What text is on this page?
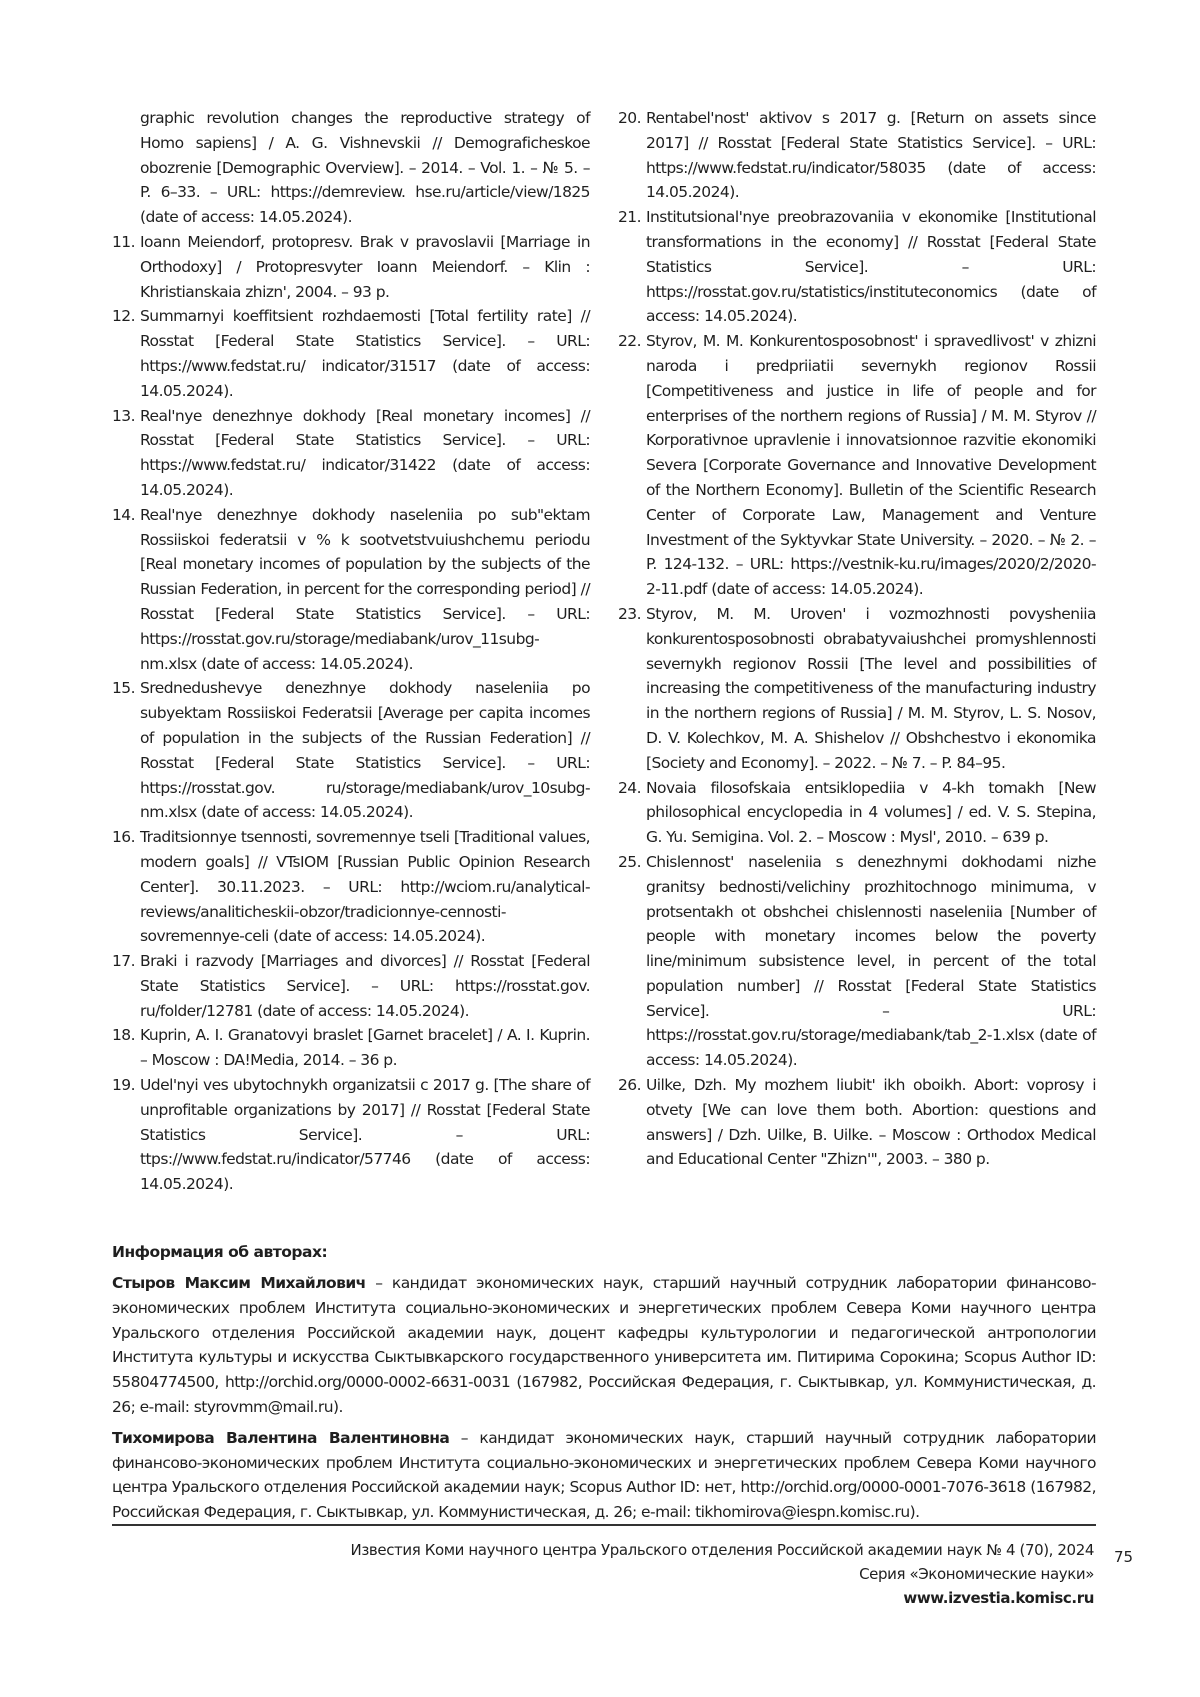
graphic revolution changes the reproductive strategy of Homo sapiens] / A. G. Vishnevskii // Demograficheskoe obozrenie [Demographic Overview]. – 2014. – Vol. 1. – № 5. – P. 6–33. – URL: https://demreview. hse.ru/article/view/1825 (date of access: 14.05.2024).
11. Ioann Meiendorf, protopresv. Brak v pravoslavii [Marriage in Orthodoxy] / Protopresvyter Ioann Meiendorf. – Klin : Khristianskaia zhizn', 2004. – 93 p.
12. Summarnyi koeffitsient rozhdaemosti [Total fertility rate] // Rosstat [Federal State Statistics Service]. – URL: https://www.fedstat.ru/ indicator/31517 (date of access: 14.05.2024).
13. Real'nye denezhnye dokhody [Real monetary incomes] // Rosstat [Federal State Statistics Service]. – URL: https://www.fedstat.ru/ indicator/31422 (date of access: 14.05.2024).
14. Real'nye denezhnye dokhody naseleniia po sub"ektam Rossiiskoi federatsii v % k sootvetstvuiushchemu periodu [Real monetary incomes of population by the subjects of the Russian Federation, in percent for the corresponding period] // Rosstat [Federal State Statistics Service]. – URL: https://rosstat.gov.ru/storage/mediabank/urov_11subg-nm.xlsx (date of access: 14.05.2024).
15. Srednedushevye denezhnye dokhody naseleniia po subyektam Rossiiskoi Federatsii [Average per capita incomes of population in the subjects of the Russian Federation] // Rosstat [Federal State Statistics Service]. – URL: https://rosstat.gov. ru/storage/mediabank/urov_10subg-nm.xlsx (date of access: 14.05.2024).
16. Traditsionnye tsennosti, sovremennye tseli [Traditional values, modern goals] // VTsIOM [Russian Public Opinion Research Center]. 30.11.2023. – URL: http://wciom.ru/analytical-reviews/analiticheskii-obzor/tradicionnye-cennosti-sovremennye-celi (date of access: 14.05.2024).
17. Braki i razvody [Marriages and divorces] // Rosstat [Federal State Statistics Service]. – URL: https://rosstat.gov. ru/folder/12781 (date of access: 14.05.2024).
18. Kuprin, A. I. Granatovyi braslet [Garnet bracelet] / A. I. Kuprin. – Moscow : DA!Media, 2014. – 36 p.
19. Udel'nyi ves ubytochnykh organizatsii c 2017 g. [The share of unprofitable organizations by 2017] // Rosstat [Federal State Statistics Service]. – URL: ttps://www.fedstat.ru/indicator/57746 (date of access: 14.05.2024).
20. Rentabel'nost' aktivov s 2017 g. [Return on assets since 2017] // Rosstat [Federal State Statistics Service]. – URL: https://www.fedstat.ru/indicator/58035 (date of access: 14.05.2024).
21. Institutsional'nye preobrazovaniia v ekonomike [Institutional transformations in the economy] // Rosstat [Federal State Statistics Service]. – URL: https://rosstat.gov.ru/statistics/instituteconomics (date of access: 14.05.2024).
22. Styrov, M. M. Konkurentosposobnost' i spravedlivost' v zhizni naroda i predpriiatii severnykh regionov Rossii [Competitiveness and justice in life of people and for enterprises of the northern regions of Russia] / M. M. Styrov // Korporativnoe upravlenie i innovatsionnoe razvitie ekonomiki Severa [Corporate Governance and Innovative Development of the Northern Economy]. Bulletin of the Scientific Research Center of Corporate Law, Management and Venture Investment of the Syktyvkar State University. – 2020. – № 2. – P. 124-132. – URL: https://vestnik-ku.ru/images/2020/2/2020-2-11.pdf (date of access: 14.05.2024).
23. Styrov, M. M. Uroven' i vozmozhnosti povysheniia konkurentosposobnosti obrabatyvaiushchei promyshlennosti severnykh regionov Rossii [The level and possibilities of increasing the competitiveness of the manufacturing industry in the northern regions of Russia] / M. M. Styrov, L. S. Nosov, D. V. Kolechkov, M. A. Shishelov // Obshchestvo i ekonomika [Society and Economy]. – 2022. – № 7. – P. 84–95.
24. Novaia filosofskaia entsiklopediia v 4-kh tomakh [New philosophical encyclopedia in 4 volumes] / ed. V. S. Stepina, G. Yu. Semigina. Vol. 2. – Moscow : Mysl', 2010. – 639 p.
25. Chislennost' naseleniia s denezhnymi dokhodami nizhe granitsy bednosti/velichiny prozhitochnogo minimuma, v protsentakh ot obshchei chislennosti naseleniia [Number of people with monetary incomes below the poverty line/minimum subsistence level, in percent of the total population number] // Rosstat [Federal State Statistics Service]. – URL: https://rosstat.gov.ru/storage/mediabank/tab_2-1.xlsx (date of access: 14.05.2024).
26. Uilke, Dzh. My mozhem liubit' ikh oboikh. Abort: voprosy i otvety [We can love them both. Abortion: questions and answers] / Dzh. Uilke, B. Uilke. – Moscow : Orthodox Medical and Educational Center "Zhizn'", 2003. – 380 p.

Информация об авторах:

Стыров Максим Михайлович – кандидат экономических наук, старший научный сотрудник лаборатории финансово-экономических проблем Института социально-экономических и энергетических проблем Севера Коми научного центра Уральского отделения Российской академии наук, доцент кафедры культурологии и педагогической антропологии Института культуры и искусства Сыктывкарского государственного университета им. Питирима Сорокина; Scopus Author ID: 55804774500, http://orchid.org/0000-0002-6631-0031 (167982, Российская Федерация, г. Сыктывкар, ул. Коммунистическая, д. 26; e-mail: styrovmm@mail.ru).

Тихомирова Валентина Валентиновна – кандидат экономических наук, старший научный сотрудник лаборатории финансово-экономических проблем Института социально-экономических и энергетических проблем Севера Коми научного центра Уральского отделения Российской академии наук; Scopus Author ID: нет, http://orchid.org/0000-0001-7076-3618 (167982, Российская Федерация, г. Сыктывкар, ул. Коммунистическая, д. 26; e-mail: tikhomirova@iespn.komisc.ru).

Известия Коми научного центра Уральского отделения Российской академии наук № 4 (70), 2024
Серия «Экономические науки»
www.izvestia.komisc.ru
75
